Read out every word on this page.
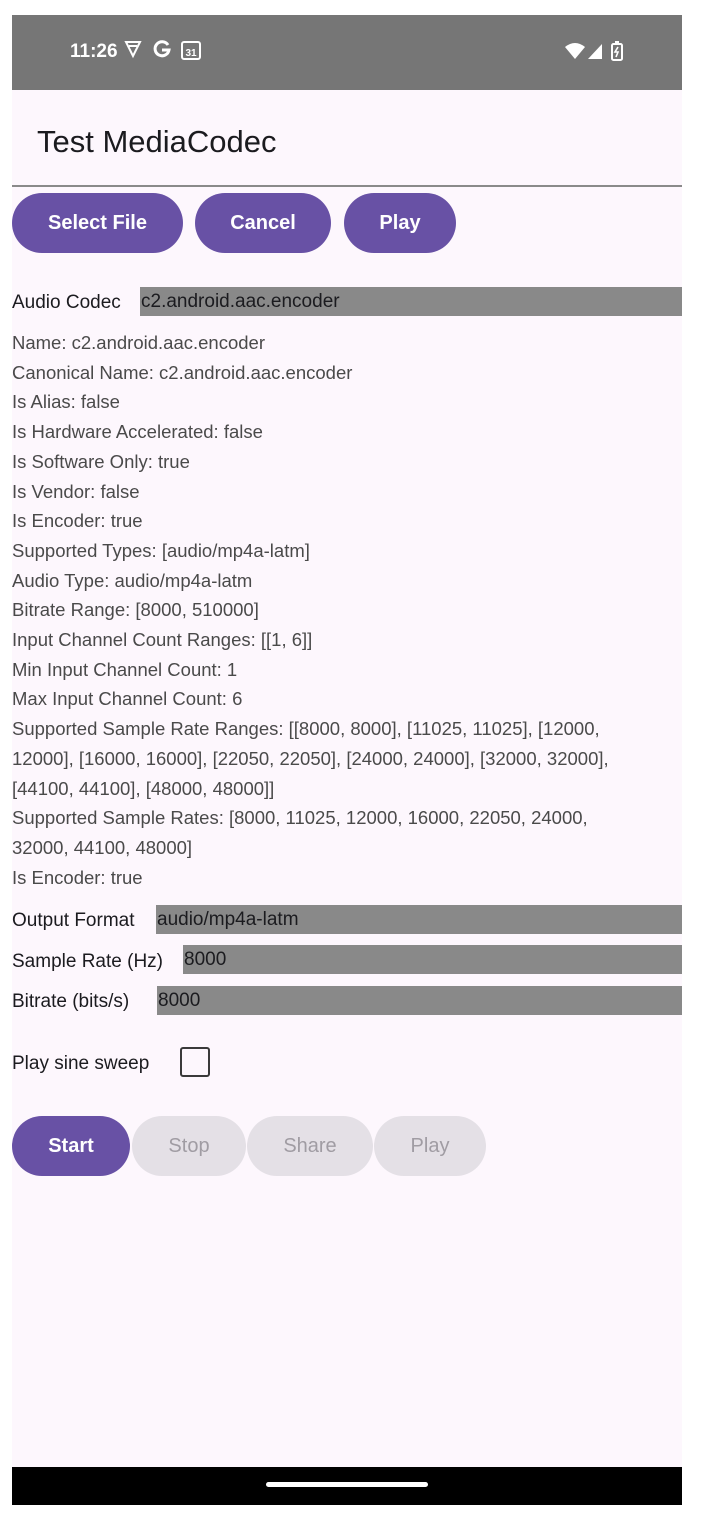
11:26	31
Test MediaCodec
Select File	Cancel	Play
Audio Codec c2.android.aac.encoder
Name: c2.android.aac.encoder
Canonical Name: c2.android.aac.encoder
Is Alias: false
Is Hardware Accelerated: false
Is Software Only: true
Is Vendor: false
Is Encoder: true
Supported Types: [audio/mp4a-latm]
Audio Type: audio/mp4a-latm
Bitrate Range: [8000, 510000]
Input Channel Count Ranges: [[1, 6]]
Min Input Channel Count: 1
Max Input Channel Count: 6
Supported Sample Rate Ranges: [[8000, 8000], [11025, 11025], [12000,
12000], [16000, 16000], [22050, 22050], [24000, 24000], [32000, 32000],
[44100, 44100], [48000, 48000]]
Supported Sample Rates: [8000, 11025, 12000, 16000, 22050, 24000,
32000, 44100, 48000]
Is Encoder: true
Output Format audio/mp4a-latm
Sample Rate (Hz) 8000
Bitrate (bits/s) 8000
Play sine sweep
Start	Stop	Share	Play
